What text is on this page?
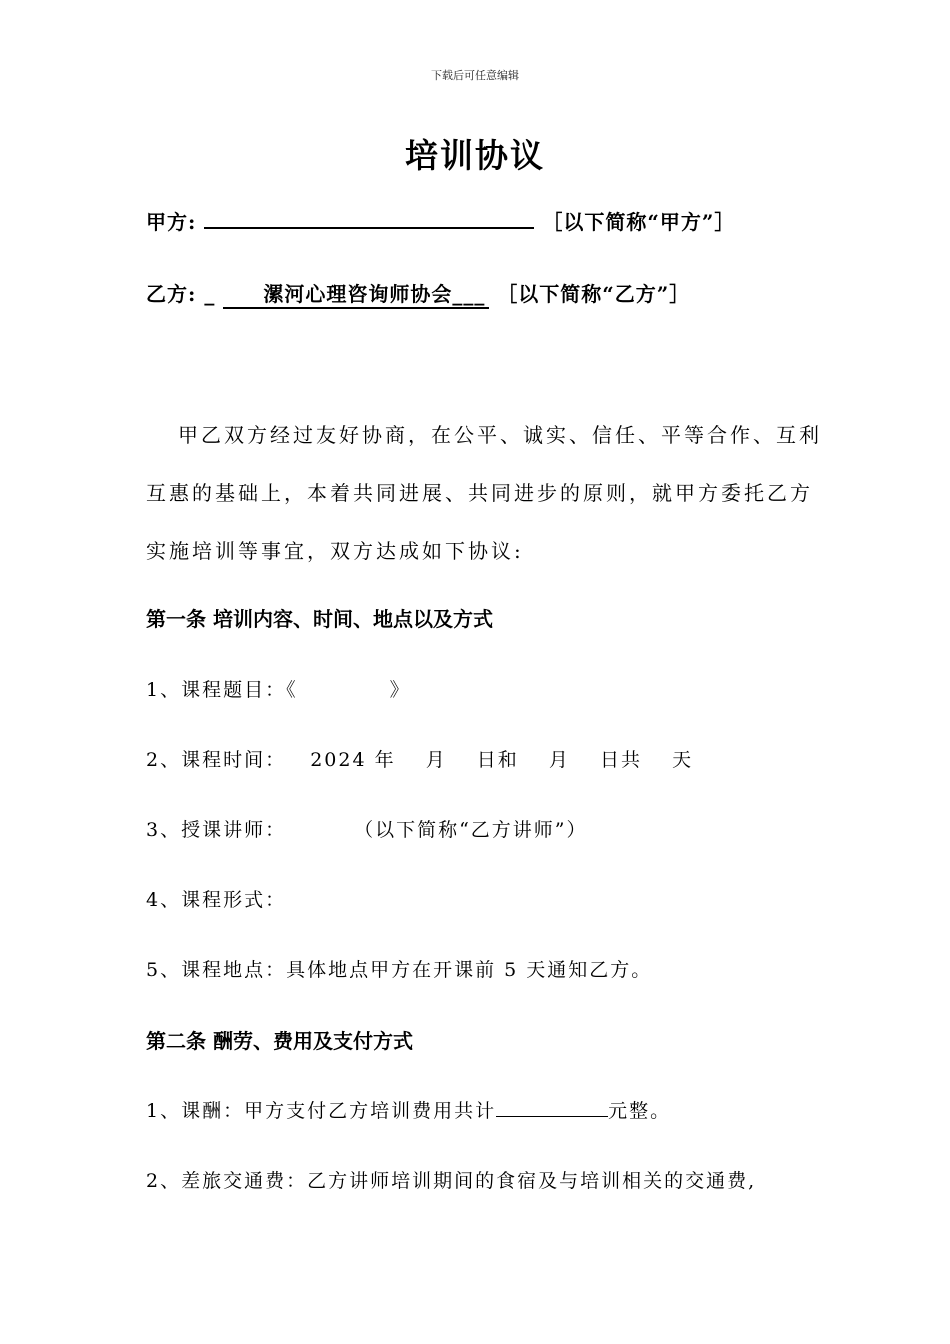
下载后可任意编辑
培训协议
甲方:	［以下简称“甲方”］
乙方: _ 漯河心理咨询师协会___ ［以下简称“乙方”］
甲乙双方经过友好协商，在公平、诚实、信任、平等合作、互利
互惠的基础上，本着共同进展、共同进步的原则，就甲方委托乙方
实施培训等事宜，双方达成如下协议:
第一条 培训内容、时间、地点以及方式
1、课程题目：《	》
2、课程时间： 2024 年 月 日和 月 日共 天
3、授课讲师：	（以下简称“乙方讲师”）
4、课程形式：
5、课程地点：具体地点甲方在开课前 5 天通知乙方。
第二条 酬劳、费用及支付方式
1、课酬：甲方支付乙方培训费用共计	元整。
2、差旅交通费：乙方讲师培训期间的食宿及与培训相关的交通费,
